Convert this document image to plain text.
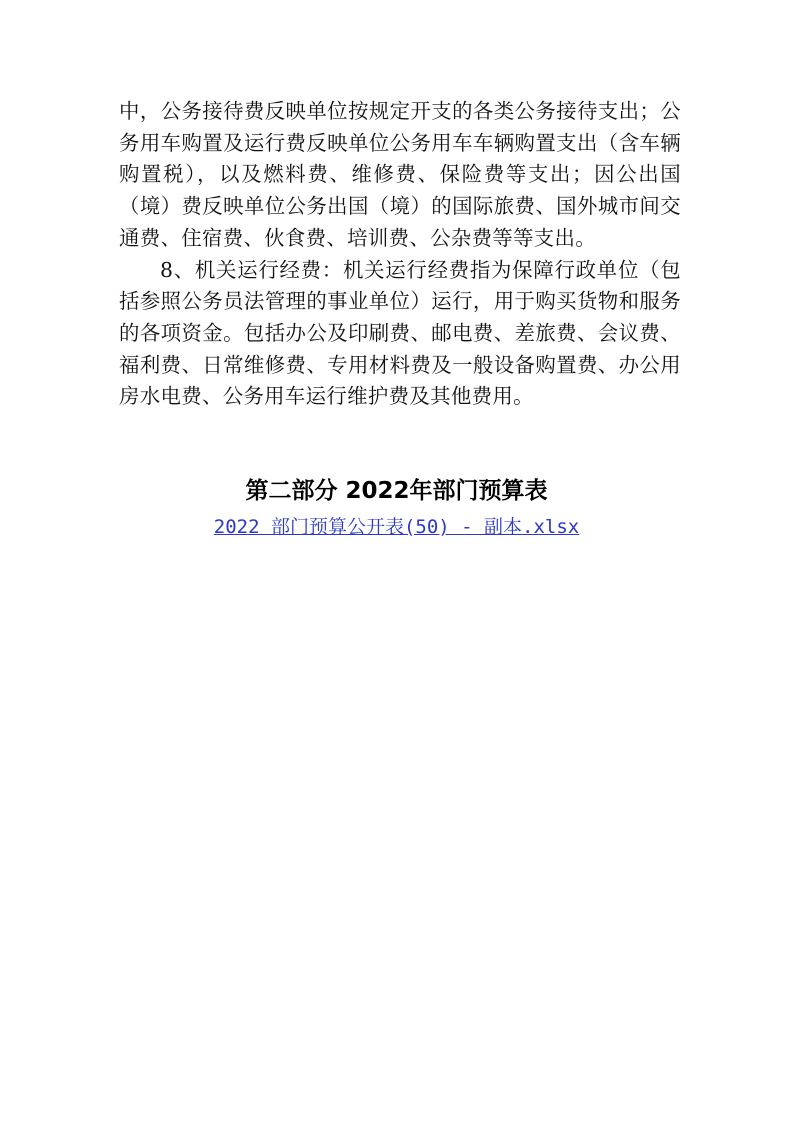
中，公务接待费反映单位按规定开支的各类公务接待支出；公务用车购置及运行费反映单位公务用车车辆购置支出（含车辆购置税），以及燃料费、维修费、保险费等支出；因公出国（境）费反映单位公务出国（境）的国际旅费、国外城市间交通费、住宿费、伙食费、培训费、公杂费等等支出。

8、机关运行经费：机关运行经费指为保障行政单位（包括参照公务员法管理的事业单位）运行，用于购买货物和服务的各项资金。包括办公及印刷费、邮电费、差旅费、会议费、福利费、日常维修费、专用材料费及一般设备购置费、办公用房水电费、公务用车运行维护费及其他费用。

第二部分 2022年部门预算表
2022 部门预算公开表(50) - 副本.xlsx
